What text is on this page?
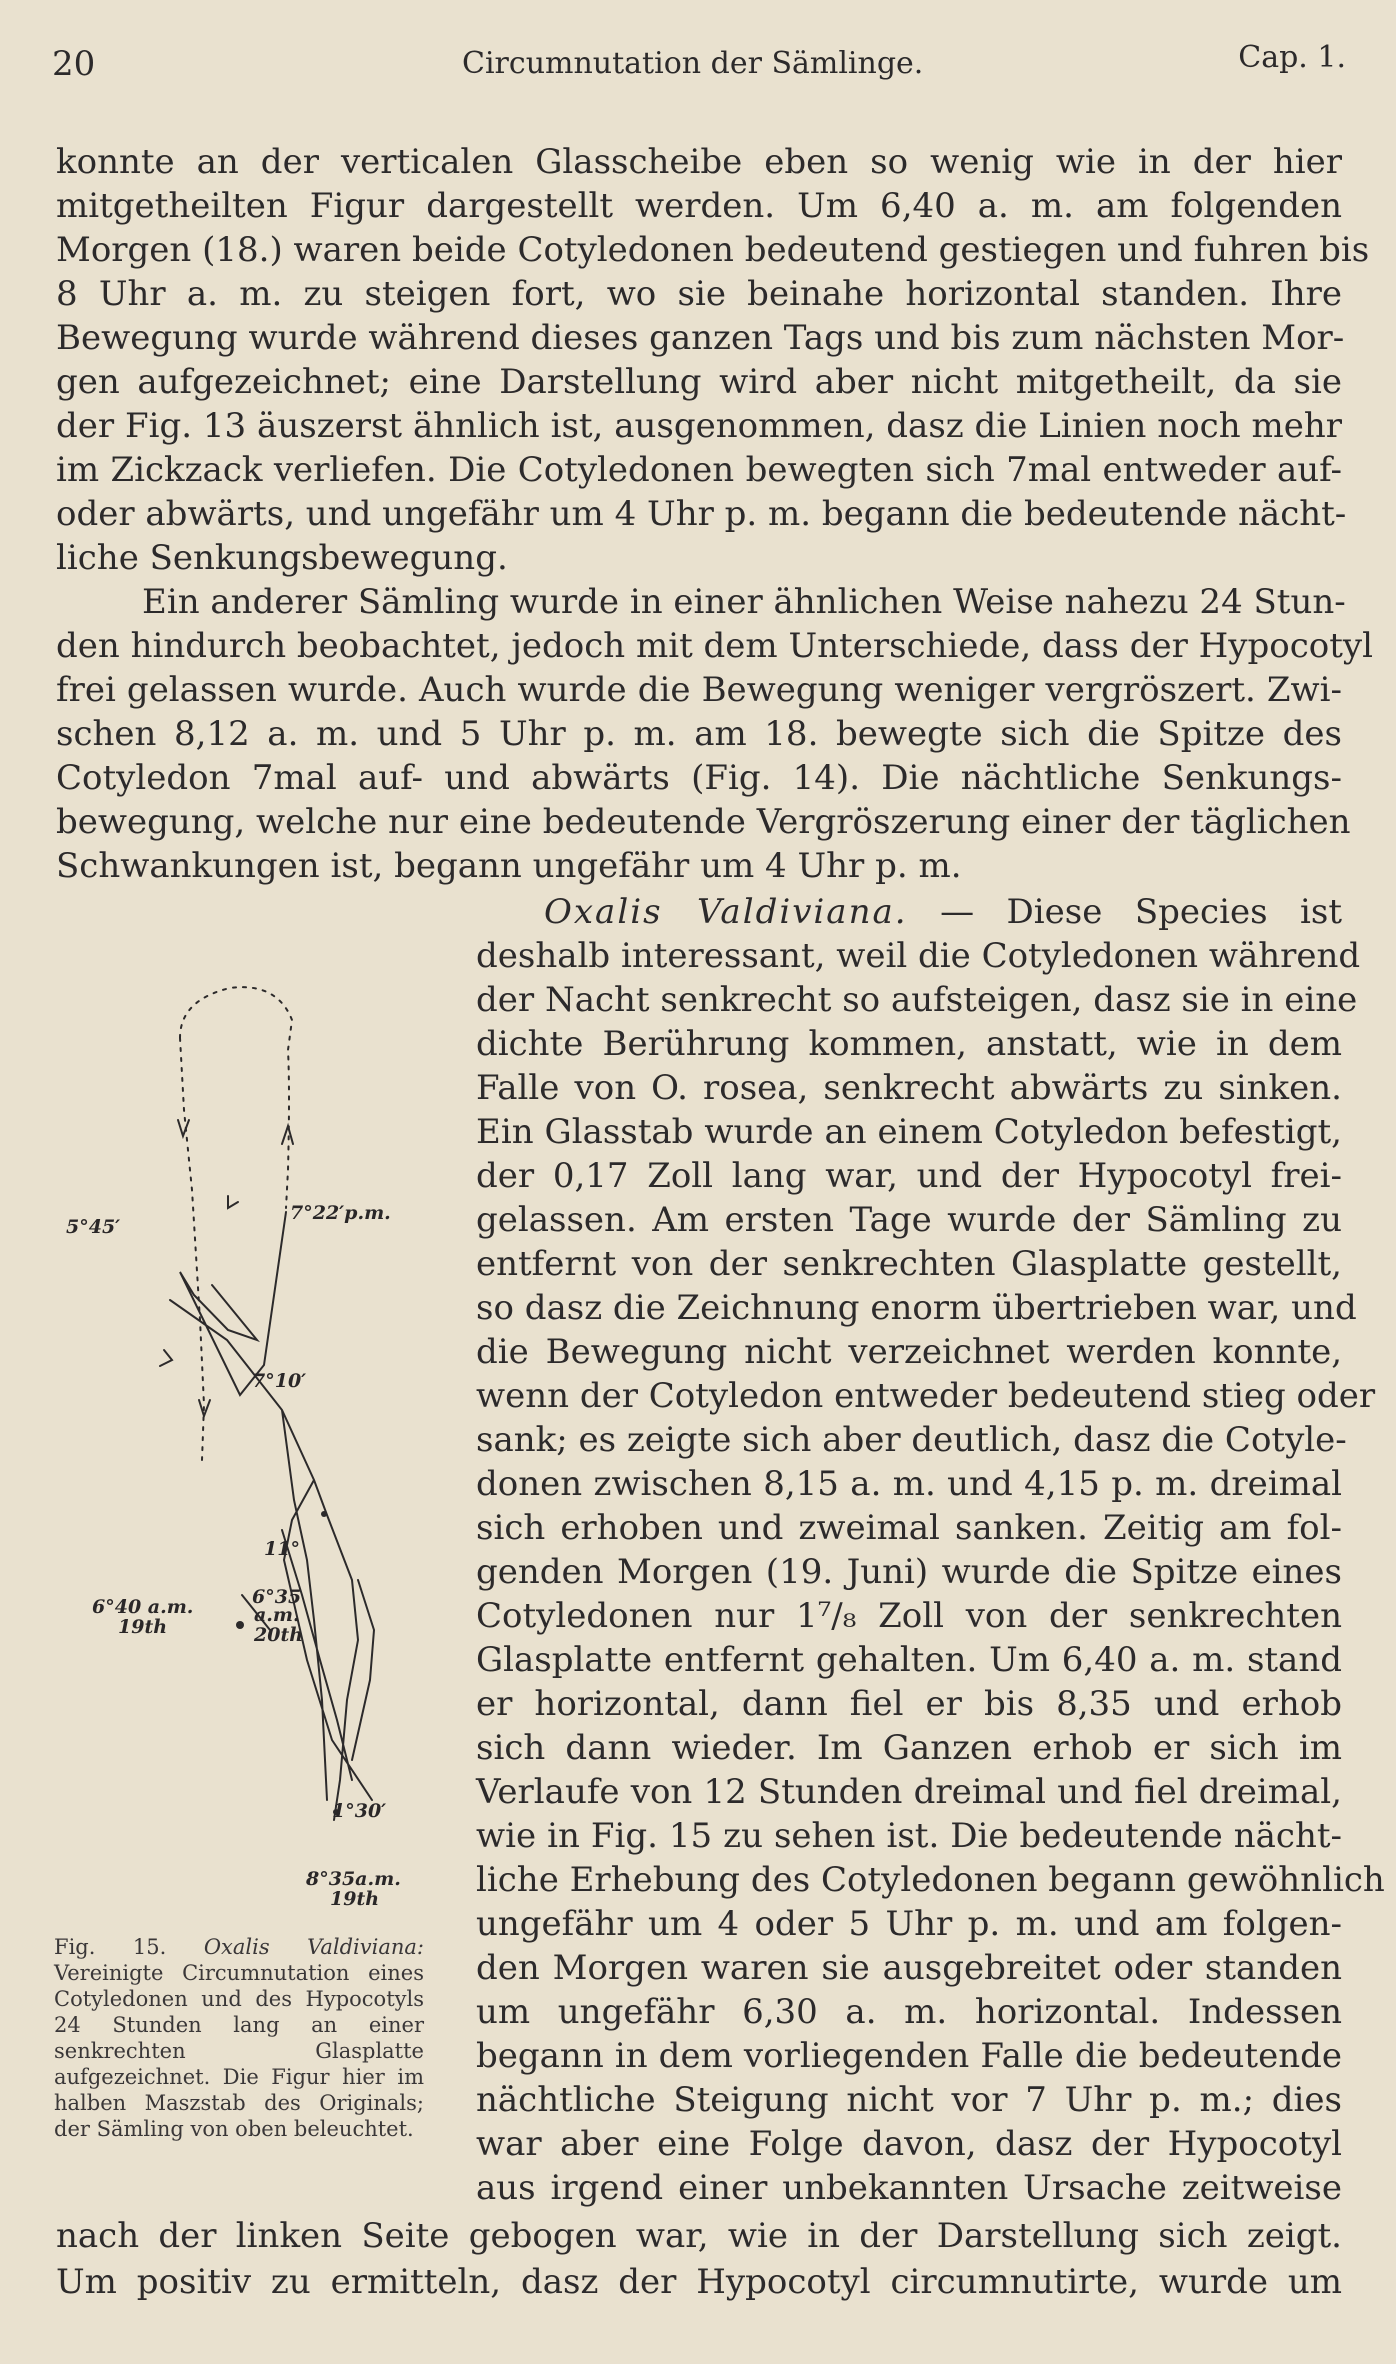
20	Circumnutation der Sämlinge.	Cap. 1.
konnte an der verticalen Glasscheibe eben so wenig wie in der hier
mitgetheilten Figur dargestellt werden. Um 6,40 a. m. am folgenden
Morgen (18.) waren beide Cotyledonen bedeutend gestiegen und fuhren bis
8 Uhr a. m. zu steigen fort, wo sie beinahe horizontal standen. Ihre
Bewegung wurde während dieses ganzen Tags und bis zum nächsten Mor-
gen aufgezeichnet; eine Darstellung wird aber nicht mitgetheilt, da sie
der Fig. 13 äuszerst ähnlich ist, ausgenommen, dasz die Linien noch mehr
im Zickzack verliefen. Die Cotyledonen bewegten sich 7mal entweder auf-
oder abwärts, und ungefähr um 4 Uhr p. m. begann die bedeutende nächt-
liche Senkungsbewegung.
Ein anderer Sämling wurde in einer ähnlichen Weise nahezu 24 Stun-
den hindurch beobachtet, jedoch mit dem Unterschiede, dass der Hypocotyl
frei gelassen wurde. Auch wurde die Bewegung weniger vergröszert. Zwi-
schen 8,12 a. m. und 5 Uhr p. m. am 18. bewegte sich die Spitze des
Cotyledon 7mal auf- und abwärts (Fig. 14). Die nächtliche Senkungs-
bewegung, welche nur eine bedeutende Vergröszerung einer der täglichen
Schwankungen ist, begann ungefähr um 4 Uhr p. m.
Oxalis Valdiviana. — Diese Species ist
deshalb interessant, weil die Cotyledonen während
der Nacht senkrecht so aufsteigen, dasz sie in eine
dichte Berührung kommen, anstatt, wie in dem
Falle von O. rosea, senkrecht abwärts zu sinken.
Ein Glasstab wurde an einem Cotyledon befestigt,
der 0,17 Zoll lang war, und der Hypocotyl frei-
gelassen. Am ersten Tage wurde der Sämling zu
entfernt von der senkrechten Glasplatte gestellt,
so dasz die Zeichnung enorm übertrieben war, und
die Bewegung nicht verzeichnet werden konnte,
wenn der Cotyledon entweder bedeutend stieg oder
sank; es zeigte sich aber deutlich, dasz die Cotyle-
donen zwischen 8,15 a. m. und 4,15 p. m. dreimal
sich erhoben und zweimal sanken. Zeitig am fol-
genden Morgen (19. Juni) wurde die Spitze eines
Cotyledonen nur 1⁷/₈ Zoll von der senkrechten
Glasplatte entfernt gehalten. Um 6,40 a. m. stand
er horizontal, dann fiel er bis 8,35 und erhob
sich dann wieder. Im Ganzen erhob er sich im
Verlaufe von 12 Stunden dreimal und fiel dreimal,
wie in Fig. 15 zu sehen ist. Die bedeutende nächt-
liche Erhebung des Cotyledonen begann gewöhnlich
ungefähr um 4 oder 5 Uhr p. m. und am folgen-
den Morgen waren sie ausgebreitet oder standen
um ungefähr 6,30 a. m. horizontal. Indessen
begann in dem vorliegenden Falle die bedeutende
nächtliche Steigung nicht vor 7 Uhr p. m.; dies
war aber eine Folge davon, dasz der Hypocotyl
aus irgend einer unbekannten Ursache zeitweise
nach der linken Seite gebogen war, wie in der Darstellung sich zeigt.
Um positiv zu ermitteln, dasz der Hypocotyl circumnutirte, wurde um
5°45′
7°22′p.m.
7°10′
11°
6°40 a.m.
19th
6°35
a.m.
20th
1°30′
8°35a.m.
19th
Fig. 15. Oxalis Valdiviana: Vereinigte Circumnutation eines Cotyledonen und des Hypocotyls 24 Stunden lang an einer senkrechten Glasplatte aufgezeichnet. Die Figur hier im halben Maszstab des Originals; der Sämling von oben beleuchtet.
